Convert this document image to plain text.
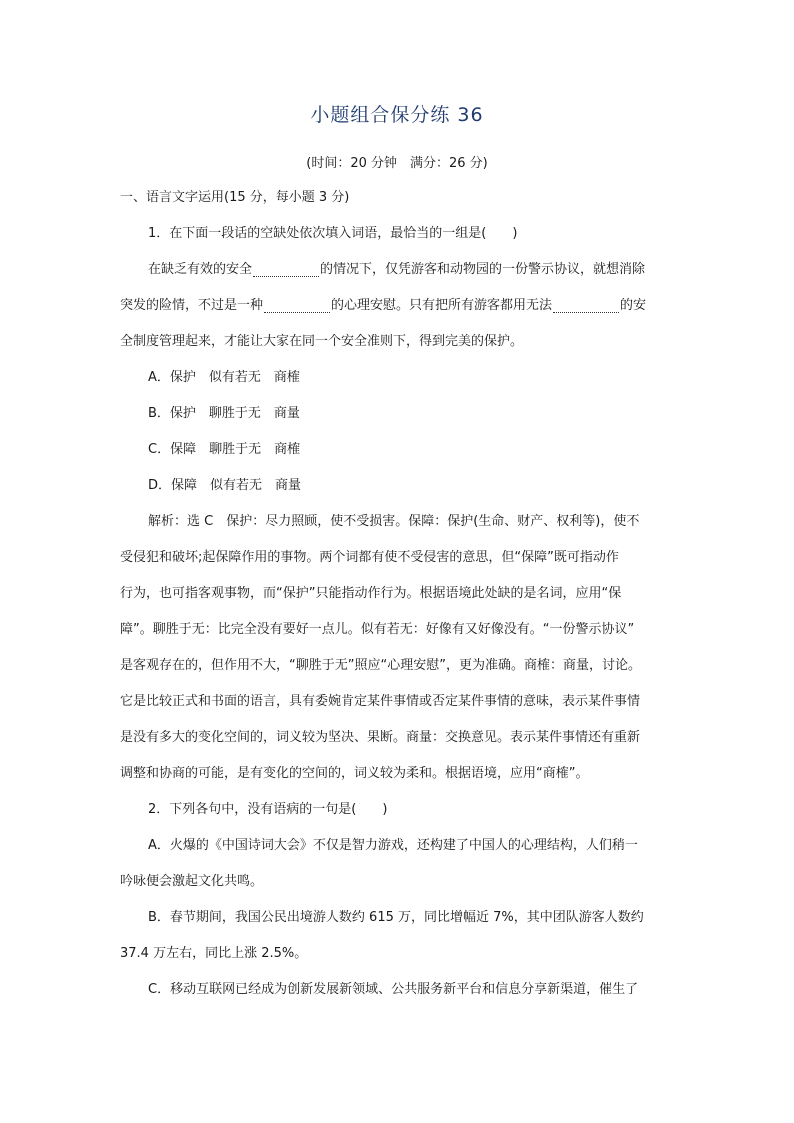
小题组合保分练 36
(时间：20 分钟　满分：26 分)
一、语言文字运用(15 分，每小题 3 分)
1．在下面一段话的空缺处依次填入词语，最恰当的一组是(　　)
在缺乏有效的安全	的情况下，仅凭游客和动物园的一份警示协议，就想消除
突发的险情，不过是一种	的心理安慰。只有把所有游客都用无法	的安
全制度管理起来，才能让大家在同一个安全准则下，得到完美的保护。
A．保护　似有若无　商榷
B．保护　聊胜于无　商量
C．保障　聊胜于无　商榷
D．保障　似有若无　商量
解析：选 C　保护：尽力照顾，使不受损害。保障：保护(生命、财产、权利等)，使不
受侵犯和破坏;起保障作用的事物。两个词都有使不受侵害的意思，但“保障”既可指动作
行为，也可指客观事物，而“保护”只能指动作行为。根据语境此处缺的是名词，应用“保
障”。聊胜于无：比完全没有要好一点儿。似有若无：好像有又好像没有。“一份警示协议”
是客观存在的，但作用不大，“聊胜于无”照应“心理安慰”，更为准确。商榷：商量，讨论。
它是比较正式和书面的语言，具有委婉肯定某件事情或否定某件事情的意味，表示某件事情
是没有多大的变化空间的，词义较为坚决、果断。商量：交换意见。表示某件事情还有重新
调整和协商的可能，是有变化的空间的，词义较为柔和。根据语境，应用“商榷”。
2．下列各句中，没有语病的一句是(　　)
A．火爆的《中国诗词大会》不仅是智力游戏，还构建了中国人的心理结构，人们稍一
吟咏便会激起文化共鸣。
B．春节期间，我国公民出境游人数约 615 万，同比增幅近 7%，其中团队游客人数约
37.4 万左右，同比上涨 2.5%。
C．移动互联网已经成为创新发展新领域、公共服务新平台和信息分享新渠道，催生了
